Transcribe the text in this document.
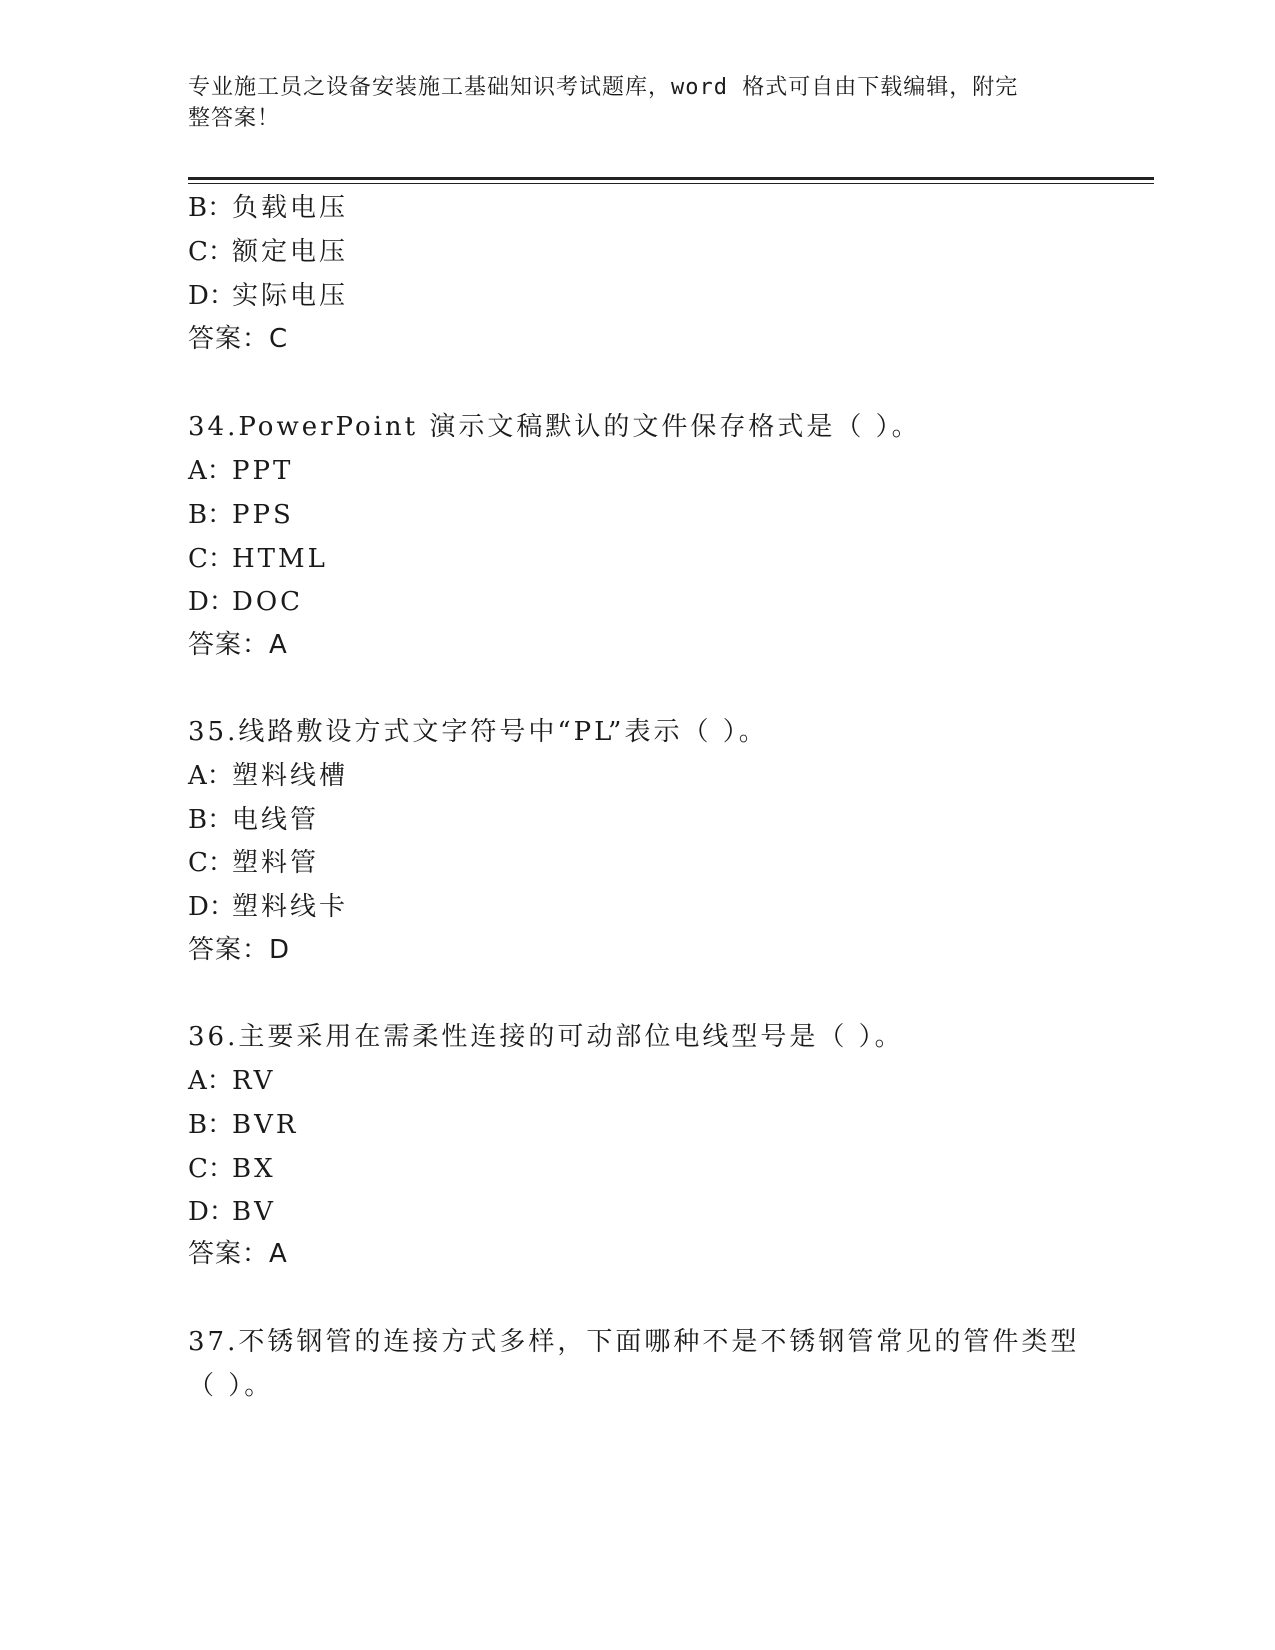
专业施工员之设备安装施工基础知识考试题库，word 格式可自由下载编辑，附完
整答案！
B：负载电压
C：额定电压
D：实际电压
答案：C
34.PowerPoint 演示文稿默认的文件保存格式是（ ）。
A：PPT
B：PPS
C：HTML
D：DOC
答案：A
35.线路敷设方式文字符号中“PL”表示（ ）。
A：塑料线槽
B：电线管
C：塑料管
D：塑料线卡
答案：D
36.主要采用在需柔性连接的可动部位电线型号是（ ）。
A：RV
B：BVR
C：BX
D：BV
答案：A
37.不锈钢管的连接方式多样，下面哪种不是不锈钢管常见的管件类型
（ ）。
